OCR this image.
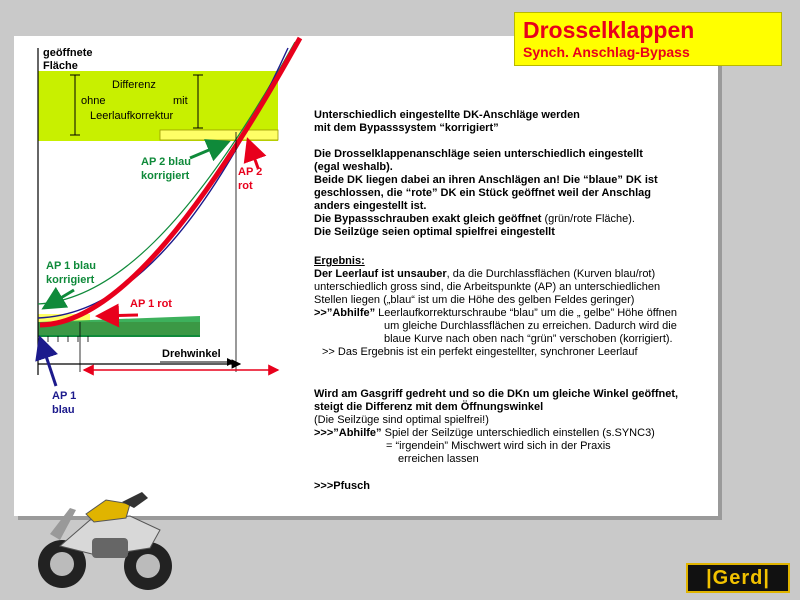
Drosselklappen
Synch. Anschlag-Bypass
geöffnete
Fläche
Differenz
ohne	mit
Leerlaufkorrektur
AP 2 blau
korrigiert	AP 2
rot
AP 1 blau
korrigiert
AP 1 rot
Drehwinkel
AP 1
blau
Unterschiedlich eingestellte DK-Anschläge werden
mit dem Bypasssystem “korrigiert”
Die Drosselklappenanschläge seien unterschiedlich eingestellt
(egal weshalb).
Beide DK liegen dabei an ihren Anschlägen an! Die “blaue” DK ist
geschlossen, die “rote” DK ein Stück geöffnet weil der Anschlag
anders eingestellt ist.
Die Bypassschrauben exakt gleich geöffnet (grün/rote Fläche).
Die Seilzüge seien optimal spielfrei eingestellt
Ergebnis:
Der Leerlauf ist unsauber, da die Durchlassflächen (Kurven blau/rot)
unterschiedlich gross sind, die Arbeitspunkte (AP) an unterschiedlichen
Stellen liegen („blau“ ist um die Höhe des gelben Feldes geringer)
>>”Abhilfe” Leerlaufkorrekturschraube “blau” um die „ gelbe” Höhe öffnen
um gleiche Durchlassflächen zu erreichen. Dadurch wird die
blaue Kurve nach oben nach “grün” verschoben (korrigiert).
>> Das Ergebnis ist ein perfekt eingestellter, synchroner Leerlauf
Wird am Gasgriff gedreht und so die DKn um gleiche Winkel geöffnet,
steigt die Differenz mit dem Öffnungswinkel
(Die Seilzüge sind optimal spielfrei!)
>>>”Abhilfe” Spiel der Seilzüge unterschiedlich einstellen (s.SYNC3)
= “irgendein” Mischwert wird sich in der Praxis
erreichen lassen
>>>Pfusch
|Gerd|
